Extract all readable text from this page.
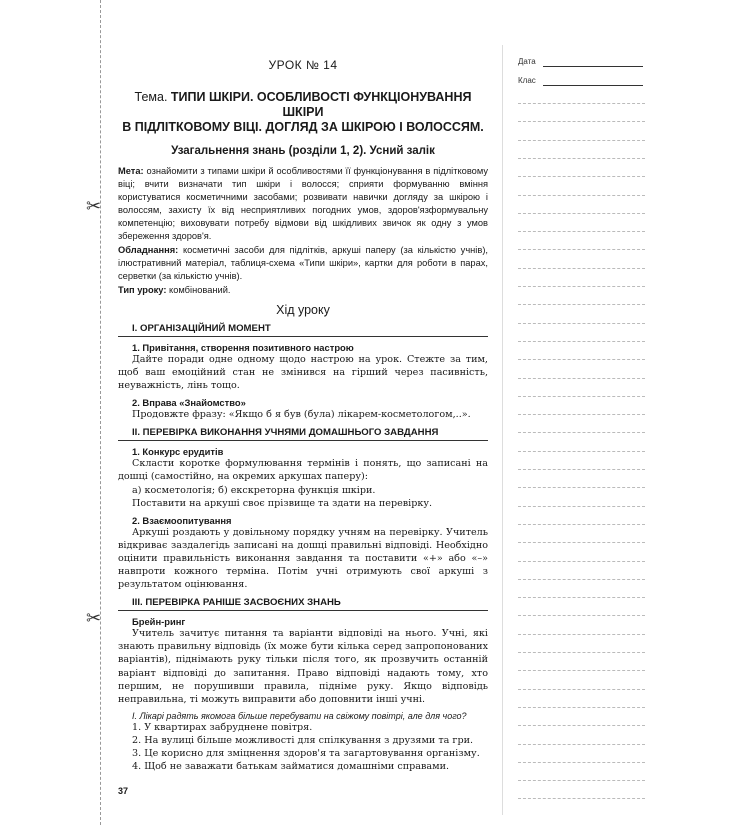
✂
✂
Дата
Клас
УРОК № 14
Тема. ТИПИ ШКІРИ. ОСОБЛИВОСТІ ФУНКЦІОНУВАННЯ ШКІРИ
В ПІДЛІТКОВОМУ ВІЦІ. ДОГЛЯД ЗА ШКІРОЮ І ВОЛОССЯМ.
Узагальнення знань (розділи 1, 2). Усний залік
Мета: ознайомити з типами шкіри й особливостями її функціонування в підлітковому віці; вчити визначати тип шкіри і волосся; сприяти формуванню вміння користуватися косметичними засобами; розвивати навички догляду за шкірою і волоссям, захисту їх від несприятливих погодних умов, здоров'язформувальну компетенцію; виховувати потребу відмови від шкідливих звичок як одну з умов збереження здоров'я.
Обладнання: косметичні засоби для підлітків, аркуші паперу (за кількістю учнів), ілюстративний матеріал, таблиця-схема «Типи шкіри», картки для роботи в парах, серветки (за кількістю учнів).
Тип уроку: комбінований.
Хід уроку
І. ОРГАНІЗАЦІЙНИЙ МОМЕНТ
1. Привітання, створення позитивного настрою
Дайте поради одне одному щодо настрою на урок. Стежте за тим, щоб ваш емоційний стан не змінився на гірший через пасивність, неуважність, лінь тощо.
2. Вправа «Знайомство»
Продовжте фразу: «Якщо б я був (була) лікарем-косметологом,..».
ІІ. ПЕРЕВІРКА ВИКОНАННЯ УЧНЯМИ ДОМАШНЬОГО ЗАВДАННЯ
1. Конкурс ерудитів
Скласти коротке формулювання термінів і понять, що записані на дошці (самостійно, на окремих аркушах паперу):
а) косметологія; б) екскреторна функція шкіри.
Поставити на аркуші своє прізвище та здати на перевірку.
2. Взаємоопитування
Аркуші роздають у довільному порядку учням на перевірку. Учитель відкриває заздалегідь записані на дошці правильні відповіді. Необхідно оцінити правильність виконання завдання та поставити «+» або «–» навпроти кожного терміна. Потім учні отримують свої аркуші з результатом оцінювання.
ІІІ. ПЕРЕВІРКА РАНІШЕ ЗАСВОЄНИХ ЗНАНЬ
Брейн-ринг
Учитель зачитує питання та варіанти відповіді на нього. Учні, які знають правильну відповідь (їх може бути кілька серед запропонованих варіантів), піднімають руку тільки після того, як прозвучить останній варіант відповіді до запитання. Право відповіді надають тому, хто першим, не порушивши правила, підніме руку. Якщо відповідь неправильна, ті можуть виправити або доповнити інші учні.
І. Лікарі радять якомога більше перебувати на свіжому повітрі, але для чого?
1. У квартирах забруднене повітря.
2. На вулиці більше можливості для спілкування з друзями та гри.
3. Це корисно для зміцнення здоров'я та загартовування організму.
4. Щоб не заважати батькам займатися домашніми справами.
37
